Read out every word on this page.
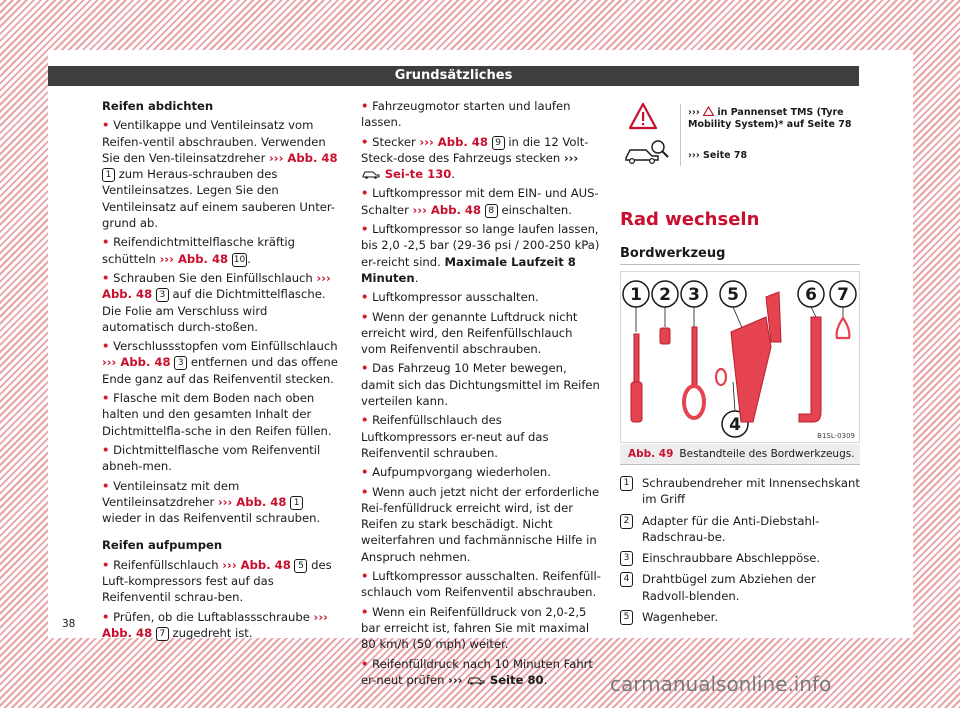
Grundsätzliches
Reifen abdichten
• Ventilkappe und Ventileinsatz vom Reifen-ventil abschrauben. Verwenden Sie den Ven-tileinsatzdreher ››› Abb. 48 1 zum Heraus-schrauben des Ventileinsatzes. Legen Sie den Ventileinsatz auf einem sauberen Unter-grund ab.
• Reifendichtmittelflasche kräftig schütteln ››› Abb. 48 10 .
• Schrauben Sie den Einfüllschlauch ››› Abb. 48 3 auf die Dichtmittelflasche. Die Folie am Verschluss wird automatisch durch-stoßen.
• Verschlussstopfen vom Einfüllschlauch ››› Abb. 48 3 entfernen und das offene Ende ganz auf das Reifenventil stecken.
• Flasche mit dem Boden nach oben halten und den gesamten Inhalt der Dichtmittelfla-sche in den Reifen füllen.
• Dichtmittelflasche vom Reifenventil abneh-men.
• Ventileinsatz mit dem Ventileinsatzdreher ››› Abb. 48 1 wieder in das Reifenventil schrauben.
Reifen aufpumpen
• Reifenfüllschlauch ››› Abb. 48 5 des Luft-kompressors fest auf das Reifenventil schrau-ben.
• Prüfen, ob die Luftablassschraube ››› Abb. 48 7 zugedreht ist.
• Fahrzeugmotor starten und laufen lassen.
• Stecker ››› Abb. 48 9 in die 12 Volt-Steck-dose des Fahrzeugs stecken ›››  Sei-te 130.
• Luftkompressor mit dem EIN- und AUS-Schalter ››› Abb. 48 8 einschalten.
• Luftkompressor so lange laufen lassen, bis 2,0 -2,5 bar (29-36 psi / 200-250 kPa) er-reicht sind. Maximale Laufzeit 8 Minuten.
• Luftkompressor ausschalten.
• Wenn der genannte Luftdruck nicht erreicht wird, den Reifenfüllschlauch vom Reifenventil abschrauben.
• Das Fahrzeug 10 Meter bewegen, damit sich das Dichtungsmittel im Reifen verteilen kann.
• Reifenfüllschlauch des Luftkompressors er-neut auf das Reifenventil schrauben.
• Aufpumpvorgang wiederholen.
• Wenn auch jetzt nicht der erforderliche Rei-fenfülldruck erreicht wird, ist der Reifen zu stark beschädigt. Nicht weiterfahren und fachmännische Hilfe in Anspruch nehmen.
• Luftkompressor ausschalten. Reifenfüll-schlauch vom Reifenventil abschrauben.
• Wenn ein Reifenfülldruck von 2,0-2,5 bar erreicht ist, fahren Sie mit maximal 80 km/h (50 mph) weiter.
• Reifenfülldruck nach 10 Minuten Fahrt er-neut prüfen ››› Seite 80.
››› in Pannenset TMS (Tyre Mobility System)* auf Seite 78
››› Seite 78
Rad wechseln
Bordwerkzeug
1 2 3 5	6 7
4
B1SL-0309
Abb. 49 Bestandteile des Bordwerkzeugs.
1	Schraubendreher mit Innensechskant im Griff
2	Adapter für die Anti-Diebstahl-Radschrau-be.
3	Einschraubbare Abschleppöse.
4	Drahtbügel zum Abziehen der Radvoll-blenden.
5	Wagenheber.
38
carmanualsonline.info
